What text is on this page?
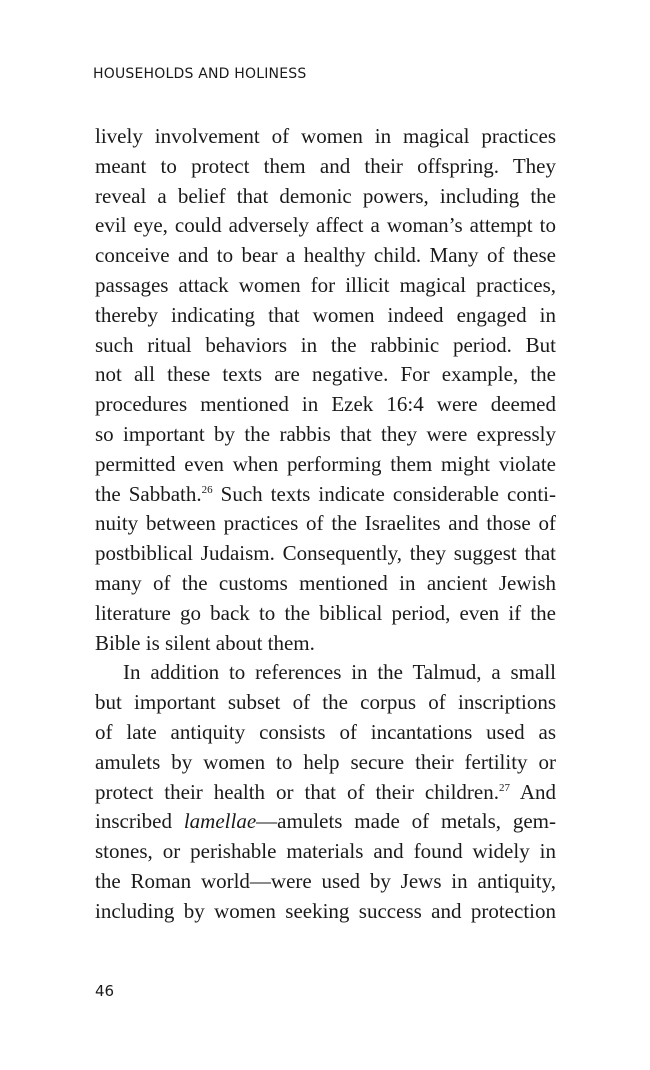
HOUSEHOLDS AND HOLINESS
lively involvement of women in magical practices
meant to protect them and their offspring. They
reveal a belief that demonic powers, including the
evil eye, could adversely affect a woman’s attempt to
conceive and to bear a healthy child. Many of these
passages attack women for illicit magical practices,
thereby indicating that women indeed engaged in
such ritual behaviors in the rabbinic period. But
not all these texts are negative. For example, the
procedures mentioned in Ezek 16:4 were deemed
so important by the rabbis that they were expressly
permitted even when performing them might violate
the Sabbath.$^{26}$ Such texts indicate considerable conti-
nuity between practices of the Israelites and those of
postbiblical Judaism. Consequently, they suggest that
many of the customs mentioned in ancient Jewish
literature go back to the biblical period, even if the
Bible is silent about them.
In addition to references in the Talmud, a small
but important subset of the corpus of inscriptions
of late antiquity consists of incantations used as
amulets by women to help secure their fertility or
protect their health or that of their children.$^{27}$ And
inscribed lamellae—amulets made of metals, gem-
stones, or perishable materials and found widely in
the Roman world—were used by Jews in antiquity,
including by women seeking success and protection
46
